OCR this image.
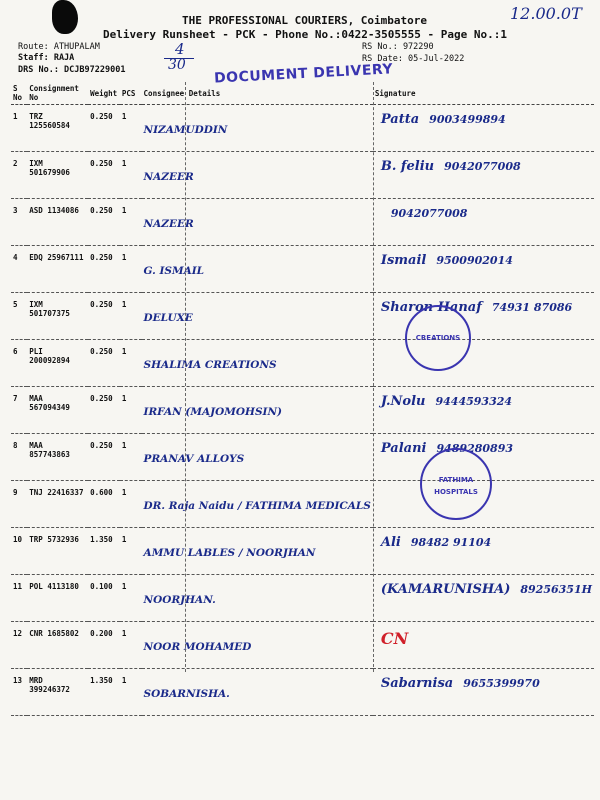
THE PROFESSIONAL COURIERS, Coimbatore
Delivery Runsheet - PCK - Phone No.:0422-3505555 - Page No.:1
12.00.0T
Route: ATHUPALAM
Staff: RAJA
DRS No.: DCJB97229001
RS No.: 972290
RS Date: 05-Jul-2022
4
30 DOCUMENT DELIVERY
S No	Consignment No	Weight	PCS	Consignee Details	Signature
1	TRZ 125560584	0.250	1	NIZAMUDDIN	Patta 9003499894
2	IXM 501679906	0.250	1	NAZEER	B. feliu 9042077008
3	ASD 1134086	0.250	1	NAZEER	9042077008
4	EDQ 25967111	0.250	1	G. ISMAIL	Ismail 9500902014
5	IXM 501707375	0.250	1	DELUXE	Sharon Hanaf 74931 87086
6	PLI 200092894	0.250	1	SHALIMA CREATIONS	
7	MAA 567094349	0.250	1	IRFAN (MAJOMOHSIN)	J.Nolu 9444593324
8	MAA 857743863	0.250	1	PRANAV ALLOYS	Palani 9489280893
9	TNJ 22416337	0.600	1	DR. Raja Naidu / FATHIMA MEDICALS	
10	TRP 5732936	1.350	1	AMMU LABLES / NOORJHAN	Ali 98482 91104
11	POL 4113180	0.100	1	NOORJHAN.	(KAMARUNISHA) 89256351H
12	CNR 1685802	0.200	1	NOOR MOHAMED	CN
13	MRD 399246372	1.350	1	SOBARNISHA.	Sabarnisa 9655399970
CREATIONS
FATHIMA HOSPITALS
